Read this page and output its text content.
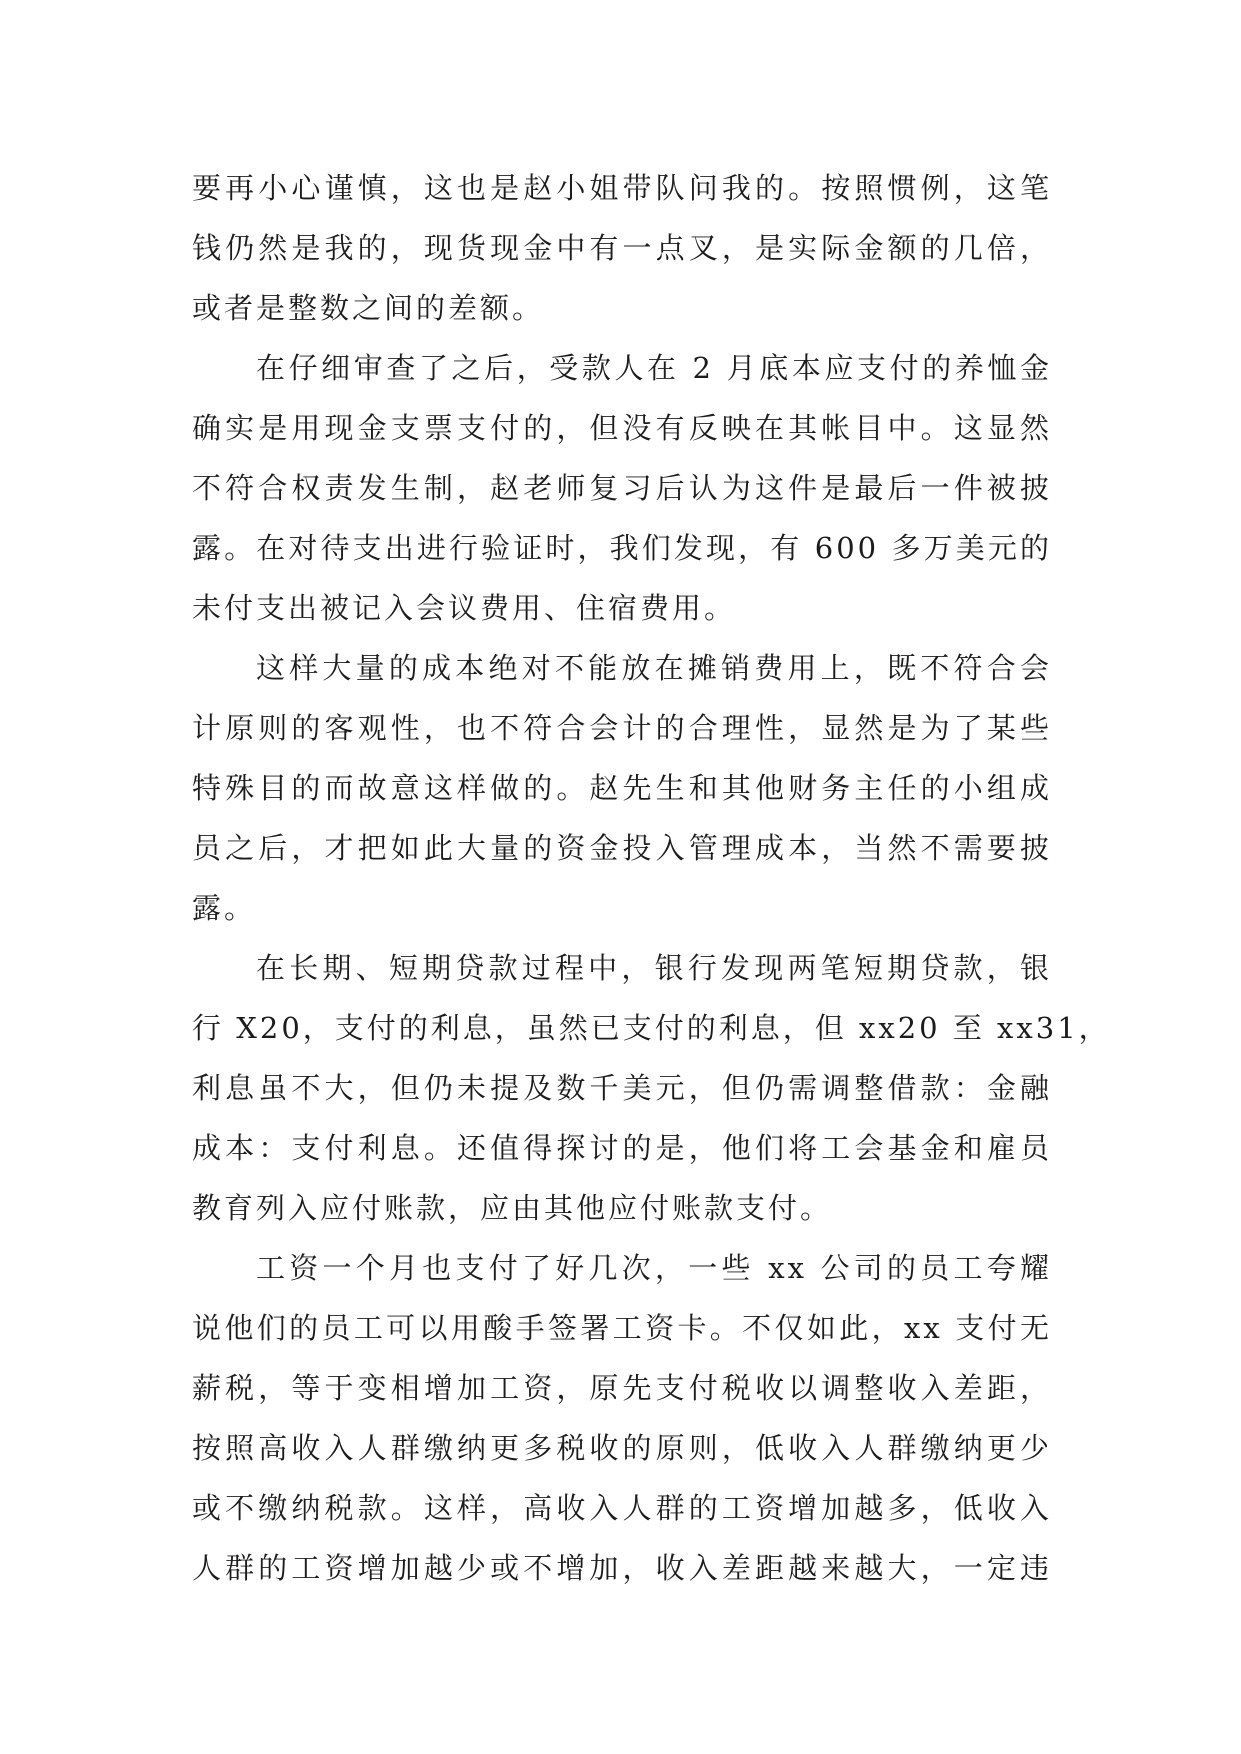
要再小心谨慎，这也是赵小姐带队问我的。按照惯例，这笔
钱仍然是我的，现货现金中有一点叉，是实际金额的几倍，
或者是整数之间的差额。
在仔细审查了之后，受款人在 2 月底本应支付的养恤金
确实是用现金支票支付的，但没有反映在其帐目中。这显然
不符合权责发生制，赵老师复习后认为这件是最后一件被披
露。在对待支出进行验证时，我们发现，有 600 多万美元的
未付支出被记入会议费用、住宿费用。
这样大量的成本绝对不能放在摊销费用上，既不符合会
计原则的客观性，也不符合会计的合理性，显然是为了某些
特殊目的而故意这样做的。赵先生和其他财务主任的小组成
员之后，才把如此大量的资金投入管理成本，当然不需要披
露。
在长期、短期贷款过程中，银行发现两笔短期贷款，银
行 X20，支付的利息，虽然已支付的利息，但 xx20 至 xx31，
利息虽不大，但仍未提及数千美元，但仍需调整借款：金融
成本：支付利息。还值得探讨的是，他们将工会基金和雇员
教育列入应付账款，应由其他应付账款支付。
工资一个月也支付了好几次，一些 xx 公司的员工夸耀
说他们的员工可以用酸手签署工资卡。不仅如此，xx 支付无
薪税，等于变相增加工资，原先支付税收以调整收入差距，
按照高收入人群缴纳更多税收的原则，低收入人群缴纳更少
或不缴纳税款。这样，高收入人群的工资增加越多，低收入
人群的工资增加越少或不增加，收入差距越来越大，一定违
